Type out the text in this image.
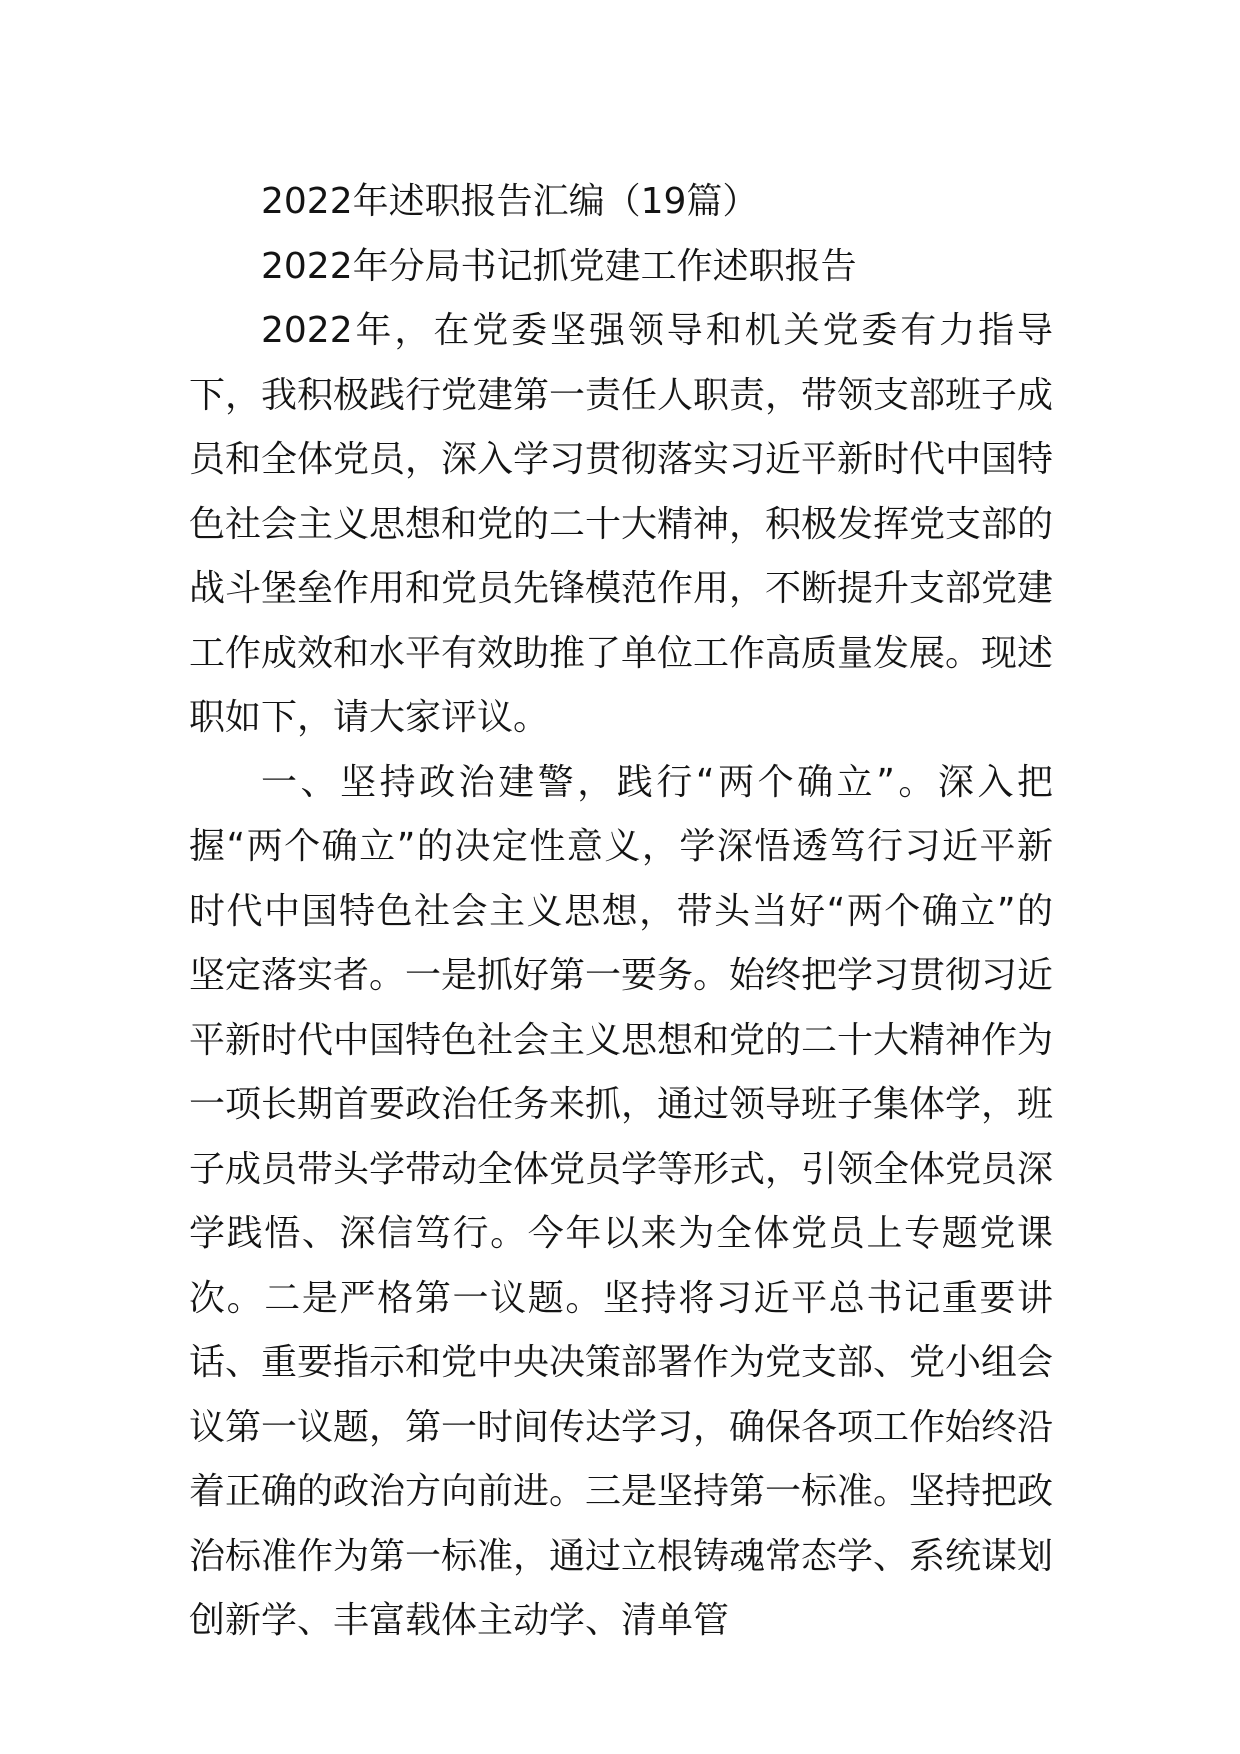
2022年述职报告汇编（19篇）

2022年分局书记抓党建工作述职报告

2022年，在党委坚强领导和机关党委有力指导下，我积极践行党建第一责任人职责，带领支部班子成员和全体党员，深入学习贯彻落实习近平新时代中国特色社会主义思想和党的二十大精神，积极发挥党支部的战斗堡垒作用和党员先锋模范作用，不断提升支部党建工作成效和水平有效助推了单位工作高质量发展。现述职如下，请大家评议。

一、坚持政治建警，践行“两个确立”。深入把握“两个确立”的决定性意义，学深悟透笃行习近平新时代中国特色社会主义思想，带头当好“两个确立”的坚定落实者。一是抓好第一要务。始终把学习贯彻习近平新时代中国特色社会主义思想和党的二十大精神作为一项长期首要政治任务来抓，通过领导班子集体学，班子成员带头学带动全体党员学等形式，引领全体党员深学践悟、深信笃行。今年以来为全体党员上专题党课次。二是严格第一议题。坚持将习近平总书记重要讲话、重要指示和党中央决策部署作为党支部、党小组会议第一议题，第一时间传达学习，确保各项工作始终沿着正确的政治方向前进。三是坚持第一标准。坚持把政治标准作为第一标准，通过立根铸魂常态学、系统谋划创新学、丰富载体主动学、清单管
